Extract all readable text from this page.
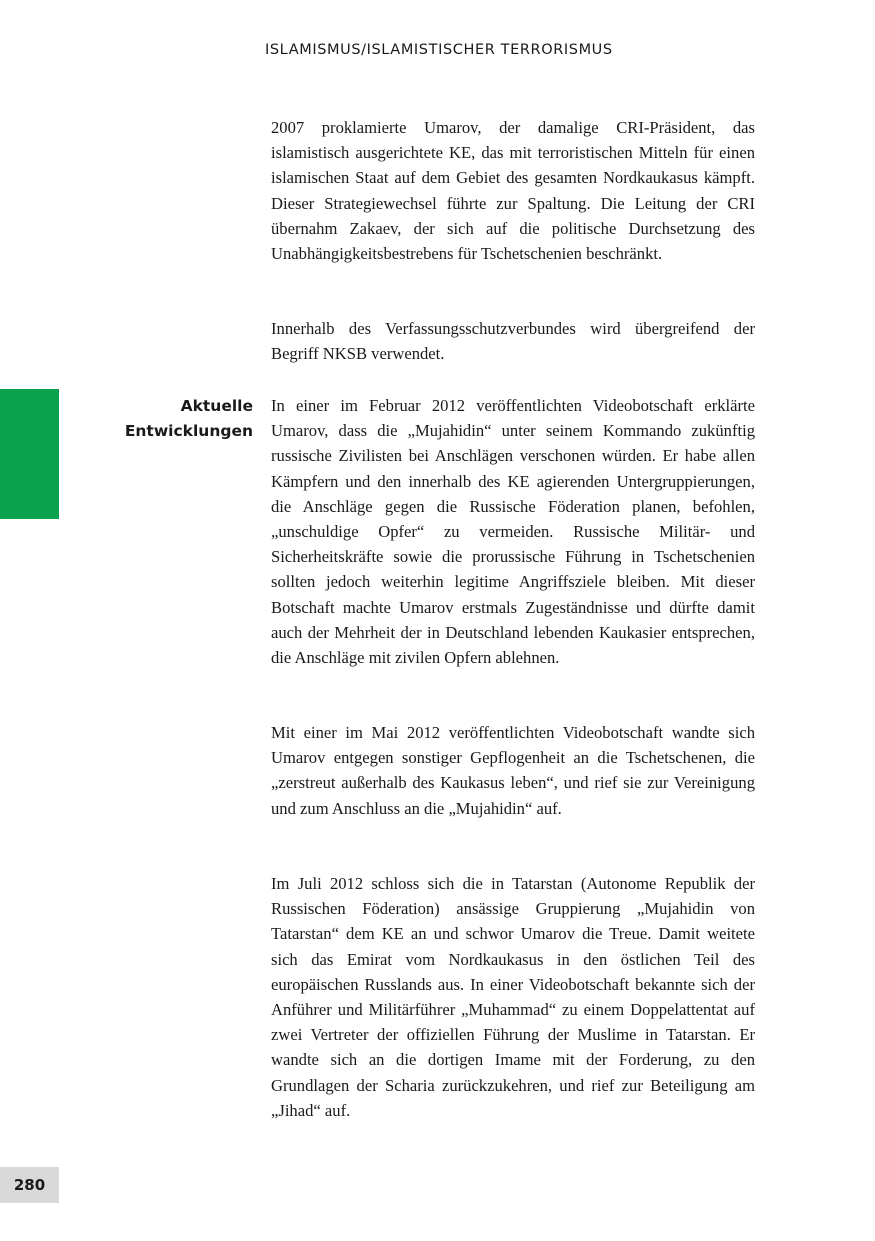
ISLAMISMUS/ISLAMISTISCHER TERRORISMUS
280
Aktuelle
Entwicklungen

2007 proklamierte Umarov, der damalige CRI-Präsident, das islamistisch ausgerichtete KE, das mit terroristischen Mitteln für einen islamischen Staat auf dem Gebiet des gesamten Nordkaukasus kämpft. Dieser Strategiewechsel führte zur Spaltung. Die Leitung der CRI übernahm Zakaev, der sich auf die politische Durchsetzung des Unabhängigkeitsbestrebens für Tschetschenien beschränkt.

Innerhalb des Verfassungsschutzverbundes wird übergreifend der Begriff NKSB verwendet.

In einer im Februar 2012 veröffentlichten Videobotschaft erklärte Umarov, dass die „Mujahidin“ unter seinem Kommando zukünftig russische Zivilisten bei Anschlägen verschonen würden. Er habe allen Kämpfern und den innerhalb des KE agierenden Untergruppierungen, die Anschläge gegen die Russische Föderation planen, befohlen, „unschuldige Opfer“ zu vermeiden. Russische Militär- und Sicherheitskräfte sowie die prorussische Führung in Tschetschenien sollten jedoch weiterhin legitime Angriffsziele bleiben. Mit dieser Botschaft machte Umarov erstmals Zugeständnisse und dürfte damit auch der Mehrheit der in Deutschland lebenden Kaukasier entsprechen, die Anschläge mit zivilen Opfern ablehnen.

Mit einer im Mai 2012 veröffentlichten Videobotschaft wandte sich Umarov entgegen sonstiger Gepflogenheit an die Tschetschenen, die „zerstreut außerhalb des Kaukasus leben“, und rief sie zur Vereinigung und zum Anschluss an die „Mujahidin“ auf.

Im Juli 2012 schloss sich die in Tatarstan (Autonome Republik der Russischen Föderation) ansässige Gruppierung „Mujahidin von Tatarstan“ dem KE an und schwor Umarov die Treue. Damit weitete sich das Emirat vom Nordkaukasus in den östlichen Teil des europäischen Russlands aus. In einer Videobotschaft bekannte sich der Anführer und Militärführer „Muhammad“ zu einem Doppelattentat auf zwei Vertreter der offiziellen Führung der Muslime in Tatarstan. Er wandte sich an die dortigen Imame mit der Forderung, zu den Grundlagen der Scharia zurückzukehren, und rief zur Beteiligung am „Jihad“ auf.
